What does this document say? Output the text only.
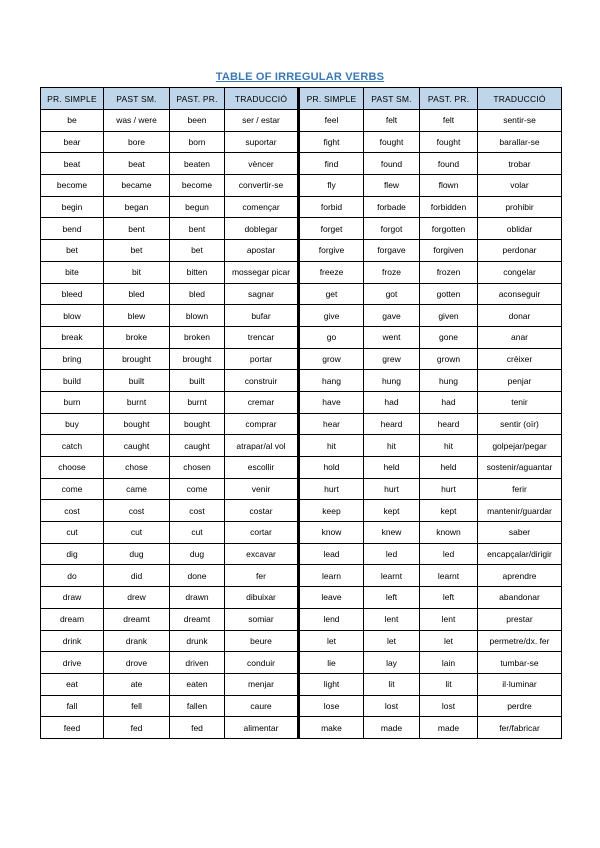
TABLE OF IRREGULAR VERBS
PR. SIMPLE	PAST SM.	PAST. PR.	TRADUCCIÓ	PR. SIMPLE	PAST SM.	PAST. PR.	TRADUCCIÓ
be	was / were	been	ser / estar	feel	felt	felt	sentir-se
bear	bore	born	suportar	fight	fought	fought	barallar-se
beat	beat	beaten	vèncer	find	found	found	trobar
become	became	become	convertir-se	fly	flew	flown	volar
begin	began	begun	començar	forbid	forbade	forbidden	prohibir
bend	bent	bent	doblegar	forget	forgot	forgotten	oblidar
bet	bet	bet	apostar	forgive	forgave	forgiven	perdonar
bite	bit	bitten	mossegar picar	freeze	froze	frozen	congelar
bleed	bled	bled	sagnar	get	got	gotten	aconseguir
blow	blew	blown	bufar	give	gave	given	donar
break	broke	broken	trencar	go	went	gone	anar
bring	brought	brought	portar	grow	grew	grown	crèixer
build	built	built	construir	hang	hung	hung	penjar
burn	burnt	burnt	cremar	have	had	had	tenir
buy	bought	bought	comprar	hear	heard	heard	sentir (oïr)
catch	caught	caught	atrapar/al vol	hit	hit	hit	golpejar/pegar
choose	chose	chosen	escollir	hold	held	held	sostenir/aguantar
come	came	come	venir	hurt	hurt	hurt	ferir
cost	cost	cost	costar	keep	kept	kept	mantenir/guardar
cut	cut	cut	cortar	know	knew	known	saber
dig	dug	dug	excavar	lead	led	led	encapçalar/dirigir
do	did	done	fer	learn	learnt	learnt	aprendre
draw	drew	drawn	dibuixar	leave	left	left	abandonar
dream	dreamt	dreamt	somiar	lend	lent	lent	prestar
drink	drank	drunk	beure	let	let	let	permetre/dx. fer
drive	drove	driven	conduir	lie	lay	lain	tumbar-se
eat	ate	eaten	menjar	light	lit	lit	il·luminar
fall	fell	fallen	caure	lose	lost	lost	perdre
feed	fed	fed	alimentar	make	made	made	fer/fabricar
